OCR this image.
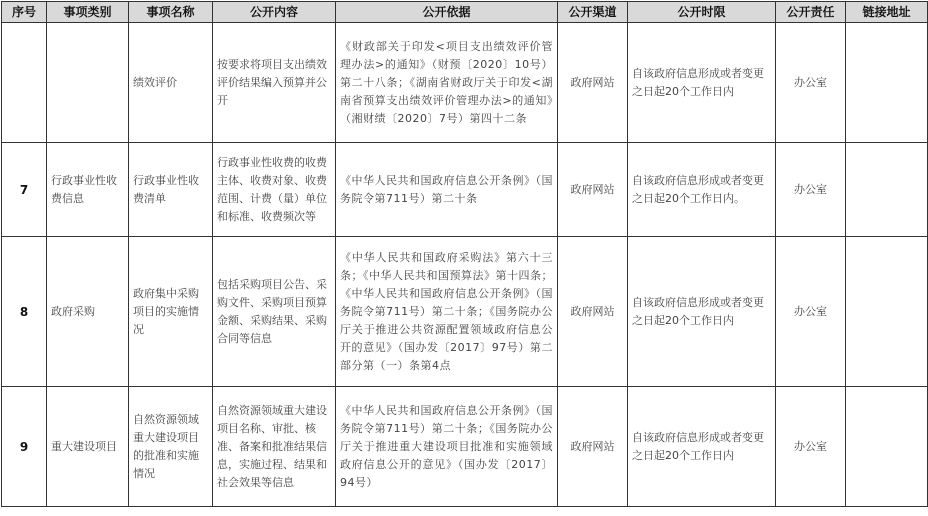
序号	事项类别	事项名称	公开内容	公开依据	公开渠道	公开时限	公开责任	链接地址
		绩效评价	按要求将项目支出绩效评价结果编入预算并公开	《财政部关于印发<项目支出绩效评价管理办法>的通知》（财预〔2020〕10号）第二十八条；《湖南省财政厅关于印发<湖南省预算支出绩效评价管理办法>的通知》（湘财绩〔2020〕7号）第四十二条	政府网站	自该政府信息形成或者变更之日起20个工作日内	办公室	
7	行政事业性收费信息	行政事业性收费清单	行政事业性收费的收费主体、收费对象、收费范围、计费（量）单位和标准、收费频次等	《中华人民共和国政府信息公开条例》（国务院令第711号）第二十条	政府网站	自该政府信息形成或者变更之日起20个工作日内。	办公室	
8	政府采购	政府集中采购项目的实施情况	包括采购项目公告、采购文件、采购项目预算金额、采购结果、采购合同等信息	《中华人民共和国政府采购法》第六十三条；《中华人民共和国预算法》第十四条；《中华人民共和国政府信息公开条例》（国务院令第711号）第二十条；《国务院办公厅关于推进公共资源配置领域政府信息公开的意见》（国办发〔2017〕97号）第二部分第（一）条第4点	政府网站	自该政府信息形成或者变更之日起20个工作日内	办公室	
9	重大建设项目	自然资源领域重大建设项目的批准和实施情况	自然资源领域重大建设项目名称、审批、核准、备案和批准结果信息，实施过程、结果和社会效果等信息	《中华人民共和国政府信息公开条例》（国务院令第711号）第二十条；《国务院办公厅关于推进重大建设项目批准和实施领域政府信息公开的意见》（国办发〔2017〕94号）	政府网站	自该政府信息形成或者变更之日起20个工作日内	办公室	
